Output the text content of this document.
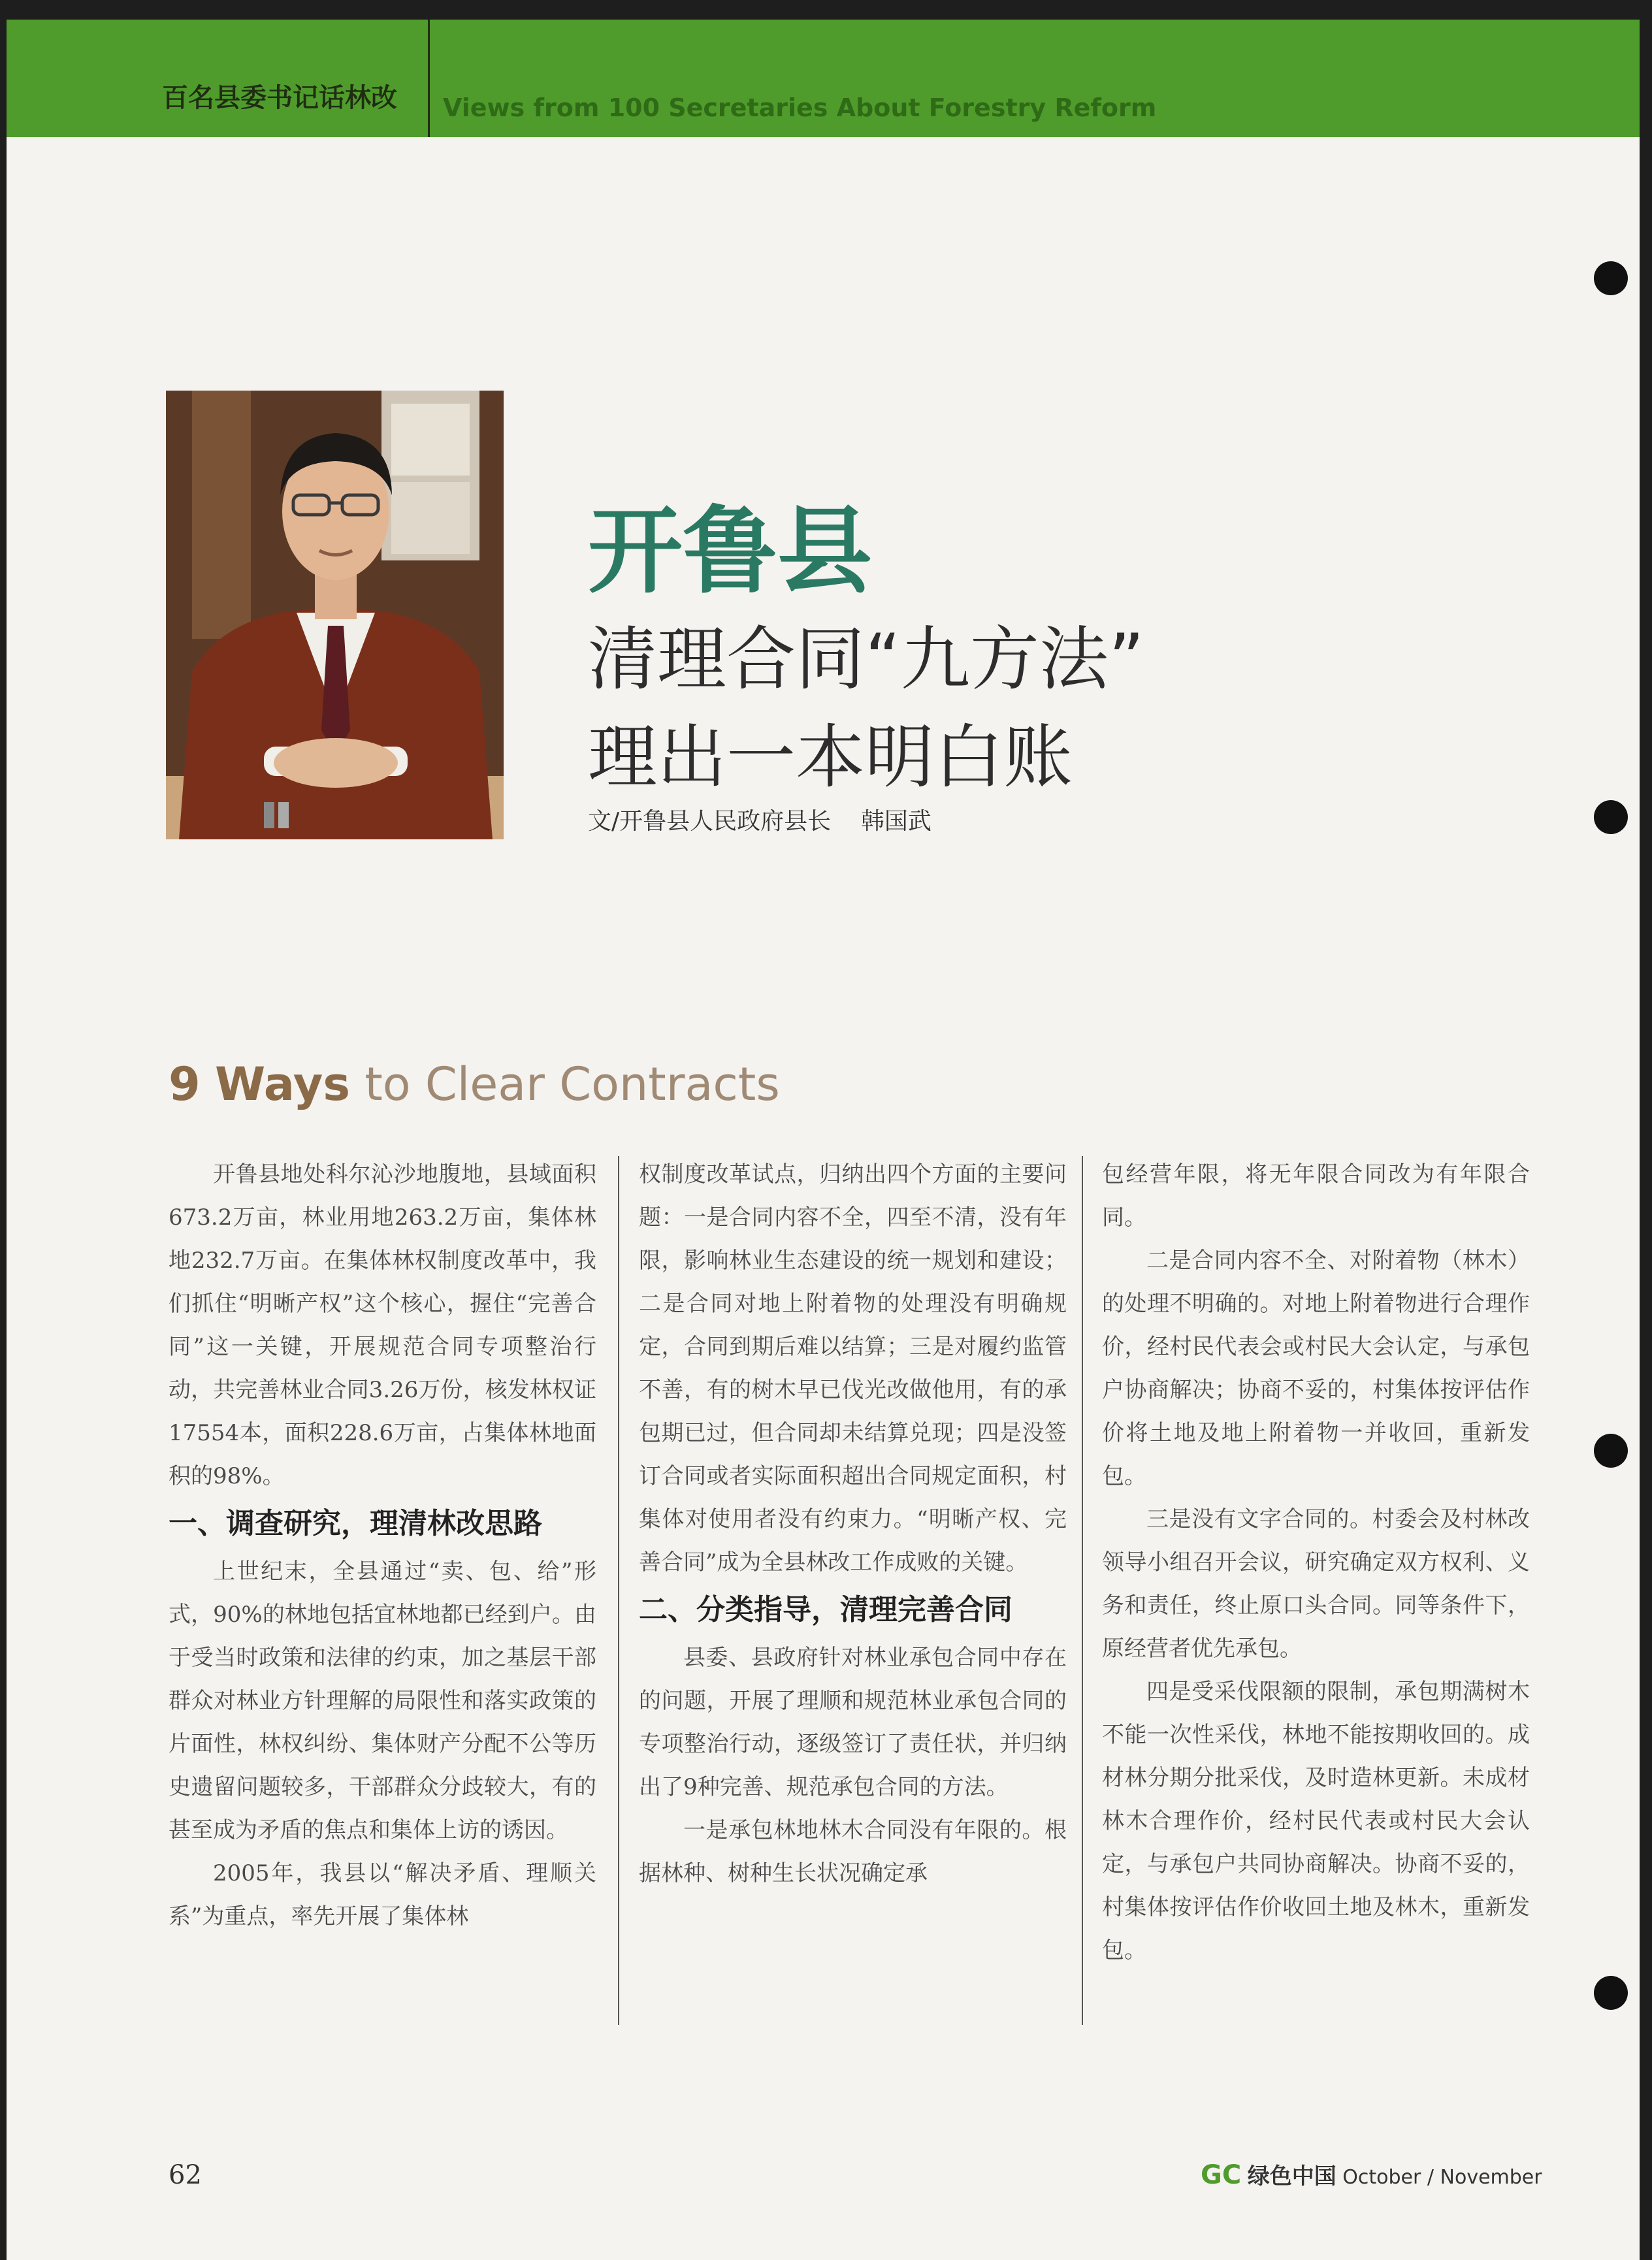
百名县委书记话林改	Views from 100 Secretaries About Forestry Reform
开鲁县
清理合同“九方法”
理出一本明白账
文/开鲁县人民政府县长    韩国武
9 Ways to Clear Contracts

开鲁县地处科尔沁沙地腹地，县域面积673.2万亩，林业用地263.2万亩，集体林地232.7万亩。在集体林权制度改革中，我们抓住“明晰产权”这个核心，握住“完善合同”这一关键，开展规范合同专项整治行动，共完善林业合同3.26万份，核发林权证17554本，面积228.6万亩，占集体林地面积的98%。

一、调查研究，理清林改思路

上世纪末，全县通过“卖、包、给”形式，90%的林地包括宜林地都已经到户。由于受当时政策和法律的约束，加之基层干部群众对林业方针理解的局限性和落实政策的片面性，林权纠纷、集体财产分配不公等历史遗留问题较多，干部群众分歧较大，有的甚至成为矛盾的焦点和集体上访的诱因。

2005年，我县以“解决矛盾、理顺关系”为重点，率先开展了集体林

权制度改革试点，归纳出四个方面的主要问题：一是合同内容不全，四至不清，没有年限，影响林业生态建设的统一规划和建设；二是合同对地上附着物的处理没有明确规定，合同到期后难以结算；三是对履约监管不善，有的树木早已伐光改做他用，有的承包期已过，但合同却未结算兑现；四是没签订合同或者实际面积超出合同规定面积，村集体对使用者没有约束力。“明晰产权、完善合同”成为全县林改工作成败的关键。

二、分类指导，清理完善合同

县委、县政府针对林业承包合同中存在的问题，开展了理顺和规范林业承包合同的专项整治行动，逐级签订了责任状，并归纳出了9种完善、规范承包合同的方法。

一是承包林地林木合同没有年限的。根据林种、树种生长状况确定承

包经营年限，将无年限合同改为有年限合同。

二是合同内容不全、对附着物（林木）的处理不明确的。对地上附着物进行合理作价，经村民代表会或村民大会认定，与承包户协商解决；协商不妥的，村集体按评估作价将土地及地上附着物一并收回，重新发包。

三是没有文字合同的。村委会及村林改领导小组召开会议，研究确定双方权利、义务和责任，终止原口头合同。同等条件下，原经营者优先承包。

四是受采伐限额的限制，承包期满树木不能一次性采伐，林地不能按期收回的。成材林分期分批采伐，及时造林更新。未成材林木合理作价，经村民代表或村民大会认定，与承包户共同协商解决。协商不妥的，村集体按评估作价收回土地及林木，重新发包。

62	GC 绿色中国 October / November
